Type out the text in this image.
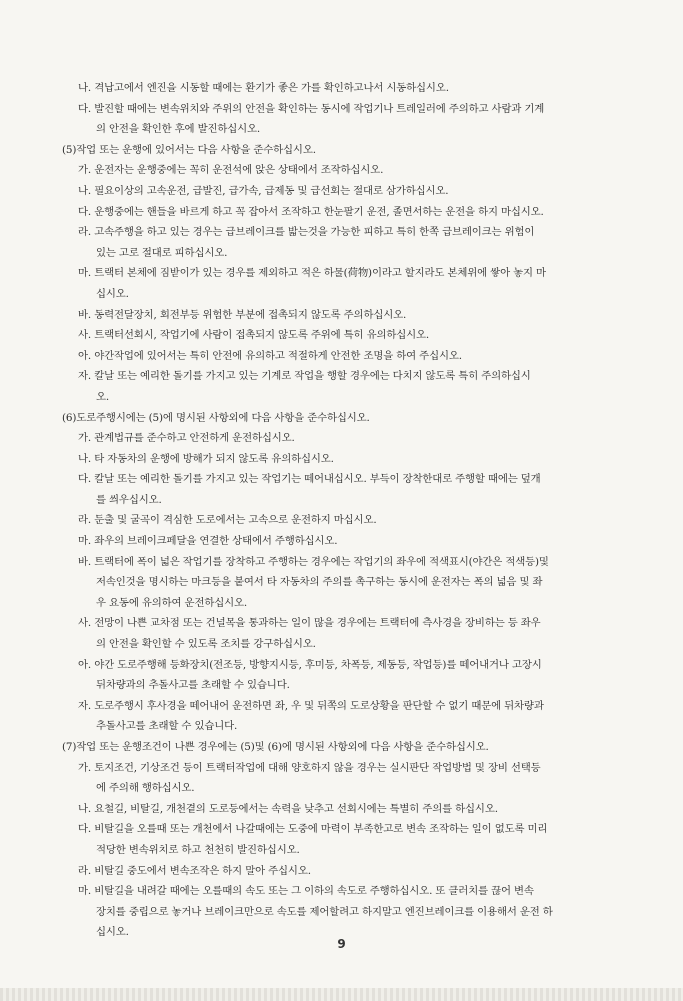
나. 격납고에서 엔진을 시동할 때에는 환기가 좋은 가를 확인하고나서 시동하십시오.
다. 발진할 때에는 변속위치와 주위의 안전을 확인하는 동시에 작업기나 트레일러에 주의하고 사람과 기계
의 안전을 확인한 후에 발진하십시오.
(5)작업 또는 운행에 있어서는 다음 사항을 준수하십시오.
가. 운전자는 운행중에는 꼭히 운전석에 앉은 상태에서 조작하십시오.
나. 필요이상의 고속운전, 급발진, 급가속, 급제동 및 급선회는 절대로 삼가하십시오.
다. 운행중에는 핸들을 바르게 하고 꼭 잡아서 조작하고 한눈팔기 운전, 졸면서하는 운전을 하지 마십시오.
라. 고속주행을 하고 있는 경우는 급브레이크를 밟는것을 가능한 피하고 특히 한쪽 급브레이크는 위험이
있는 고로 절대로 피하십시오.
마. 트랙터 본체에 짐받이가 있는 경우를 제외하고 적은 하물(荷物)이라고 할지라도 본체위에 쌓아 놓지 마
십시오.
바. 동력전달장치, 회전부등 위험한 부분에 접촉되지 않도록 주의하십시오.
사. 트랙터선회시, 작업기에 사람이 접촉되지 않도록 주위에 특히 유의하십시오.
아. 야간작업에 있어서는 특히 안전에 유의하고 적절하게 안전한 조명을 하여 주십시오.
자. 칼날 또는 예리한 돌기를 가지고 있는 기계로 작업을 행할 경우에는 다치지 않도록 특히 주의하십시
오.
(6)도로주행시에는 (5)에 명시된 사항외에 다음 사항을 준수하십시오.
가. 관계법규를 준수하고 안전하게 운전하십시오.
나. 타 자동차의 운행에 방해가 되지 않도록 유의하십시오.
다. 칼날 또는 예리한 돌기를 가지고 있는 작업기는 떼어내십시오. 부득이 장착한대로 주행할 때에는 덮개
를 씌우십시오.
라. 둔출 및 굴곡이 격심한 도로에서는 고속으로 운전하지 마십시오.
마. 좌우의 브레이크페달을 연결한 상태에서 주행하십시오.
바. 트랙터에 폭이 넓은 작업기를 장착하고 주행하는 경우에는 작업기의 좌우에 적색표시(야간은 적색등)및
저속인것을 명시하는 마크등을 붙여서 타 자동차의 주의를 촉구하는 동시에 운전자는 폭의 넓음 및 좌
우 요동에 유의하여 운전하십시오.
사. 전망이 나쁜 교차점 또는 건널목을 통과하는 일이 많을 경우에는 트랙터에 측사경을 장비하는 등 좌우
의 안전을 확인할 수 있도록 조치를 강구하십시오.
아. 야간 도로주행해 등화장치(전조등, 방향지시등, 후미등, 차폭등, 제동등, 작업등)를 떼어내거나 고장시
뒤차량과의 추돌사고를 초래할 수 있습니다.
자. 도로주행시 후사경을 떼어내어 운전하면 좌, 우 및 뒤쪽의 도로상황을 판단할 수 없기 때문에 뒤차량과
추돌사고를 초래할 수 있습니다.
(7)작업 또는 운행조건이 나쁜 경우에는 (5)및 (6)에 명시된 사항외에 다음 사항을 준수하십시오.
가. 토지조건, 기상조건 등이 트랙터작업에 대해 양호하지 않을 경우는 실시판단 작업방법 및 장비 선택등
에 주의해 행하십시오.
나. 요철길, 비탈길, 개천곁의 도로등에서는 속력을 낮추고 선회시에는 특별히 주의를 하십시오.
다. 비탈길을 오를때 또는 개천에서 나갈때에는 도중에 마력이 부족한고로 변속 조작하는 일이 없도록 미리
적당한 변속위치로 하고 천천히 발진하십시오.
라. 비탈길 중도에서 변속조작은 하지 말아 주십시오.
마. 비탈길을 내려갈 때에는 오를때의 속도 또는 그 이하의 속도로 주행하십시오. 또 클러치를 끊어 변속
장치를 중립으로 놓거나 브레이크만으로 속도를 제어할려고 하지말고 엔진브레이크를 이용해서 운전 하
십시오.
9
